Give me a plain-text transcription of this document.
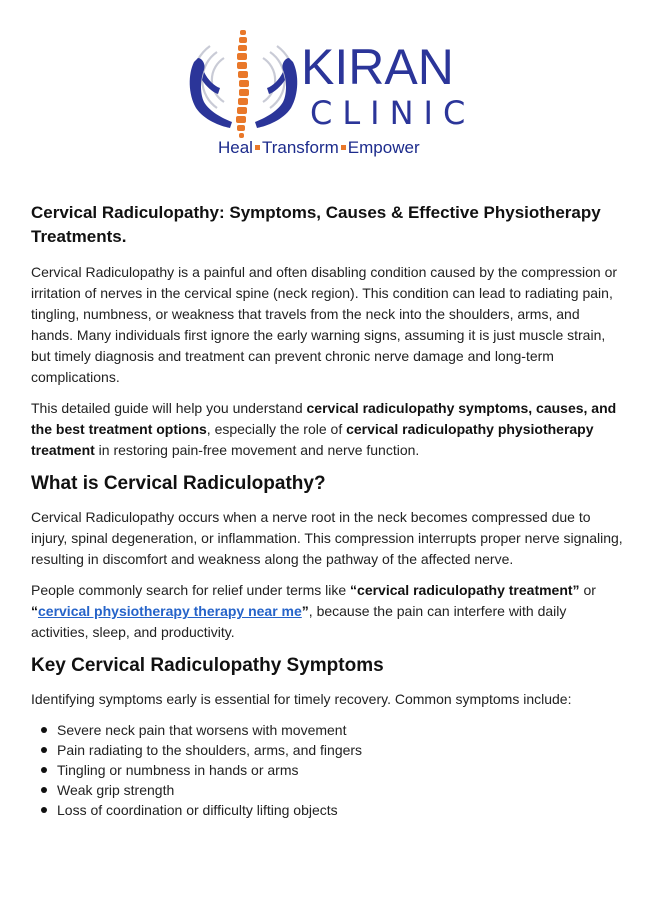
KIRAN
CLINIC
Heal Transform Empower
Cervical Radiculopathy: Symptoms, Causes & Effective Physiotherapy Treatments.

Cervical Radiculopathy is a painful and often disabling condition caused by the compression or irritation of nerves in the cervical spine (neck region). This condition can lead to radiating pain, tingling, numbness, or weakness that travels from the neck into the shoulders, arms, and hands. Many individuals first ignore the early warning signs, assuming it is just muscle strain, but timely diagnosis and treatment can prevent chronic nerve damage and long-term complications.

This detailed guide will help you understand cervical radiculopathy symptoms, causes, and the best treatment options, especially the role of cervical radiculopathy physiotherapy treatment in restoring pain-free movement and nerve function.

What is Cervical Radiculopathy?

Cervical Radiculopathy occurs when a nerve root in the neck becomes compressed due to injury, spinal degeneration, or inflammation. This compression interrupts proper nerve signaling, resulting in discomfort and weakness along the pathway of the affected nerve.

People commonly search for relief under terms like “cervical radiculopathy treatment” or “cervical physiotherapy therapy near me”, because the pain can interfere with daily activities, sleep, and productivity.

Key Cervical Radiculopathy Symptoms

Identifying symptoms early is essential for timely recovery. Common symptoms include:

Severe neck pain that worsens with movement
Pain radiating to the shoulders, arms, and fingers
Tingling or numbness in hands or arms
Weak grip strength
Loss of coordination or difficulty lifting objects
